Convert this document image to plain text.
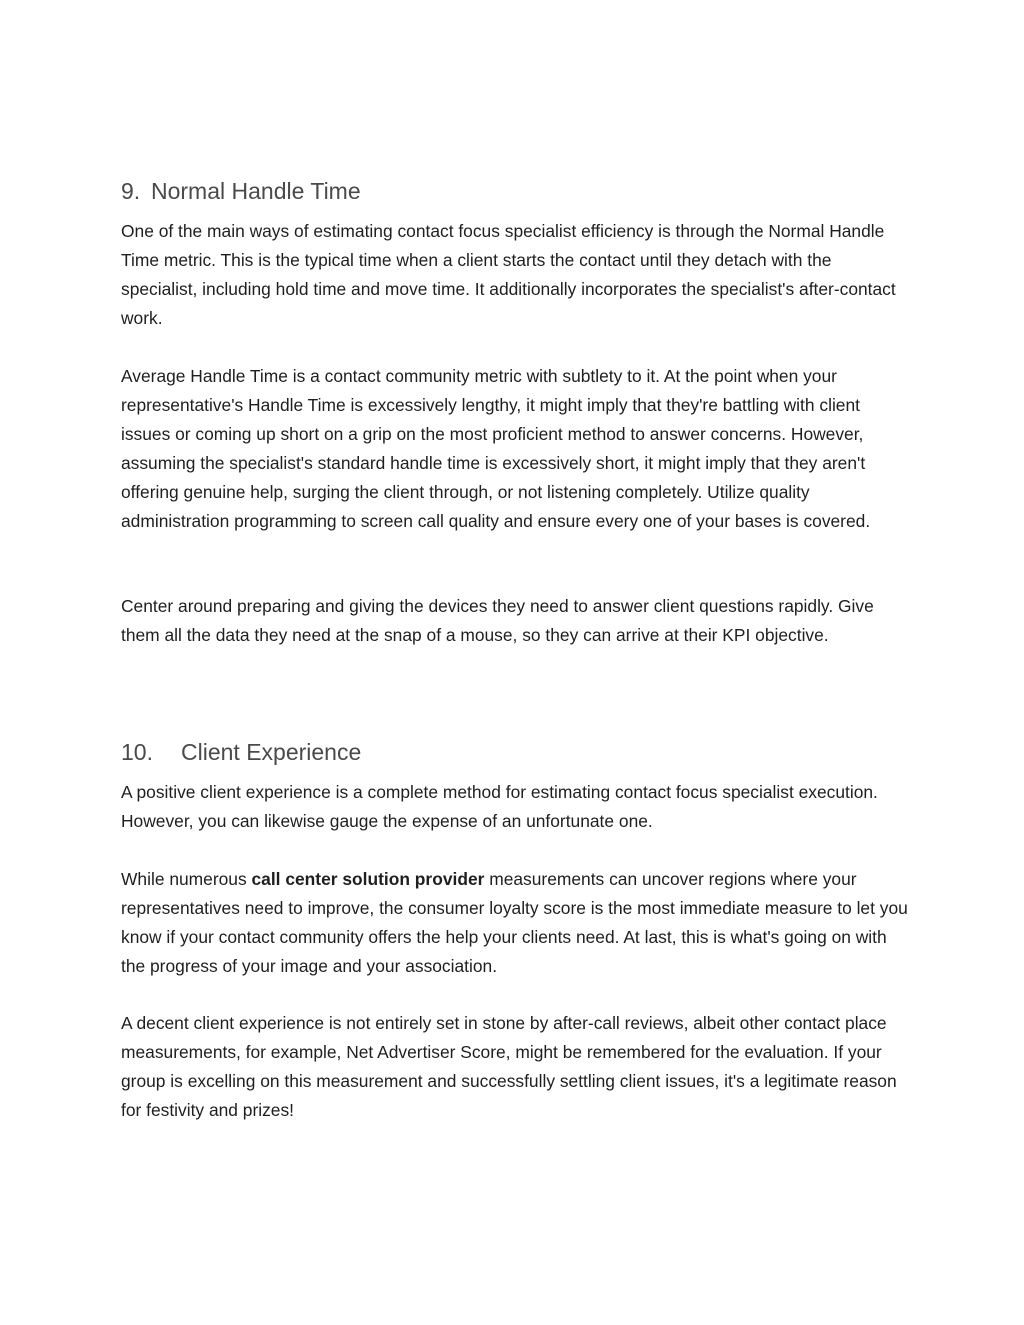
9. Normal Handle Time

One of the main ways of estimating contact focus specialist efficiency is through the Normal Handle Time metric. This is the typical time when a client starts the contact until they detach with the specialist, including hold time and move time. It additionally incorporates the specialist's after-contact work.

Average Handle Time is a contact community metric with subtlety to it. At the point when your representative's Handle Time is excessively lengthy, it might imply that they're battling with client issues or coming up short on a grip on the most proficient method to answer concerns. However, assuming the specialist's standard handle time is excessively short, it might imply that they aren't offering genuine help, surging the client through, or not listening completely. Utilize quality administration programming to screen call quality and ensure every one of your bases is covered.

Center around preparing and giving the devices they need to answer client questions rapidly. Give them all the data they need at the snap of a mouse, so they can arrive at their KPI objective.

10. Client Experience

A positive client experience is a complete method for estimating contact focus specialist execution. However, you can likewise gauge the expense of an unfortunate one.

While numerous call center solution provider measurements can uncover regions where your representatives need to improve, the consumer loyalty score is the most immediate measure to let you know if your contact community offers the help your clients need. At last, this is what's going on with the progress of your image and your association.

A decent client experience is not entirely set in stone by after-call reviews, albeit other contact place measurements, for example, Net Advertiser Score, might be remembered for the evaluation. If your group is excelling on this measurement and successfully settling client issues, it's a legitimate reason for festivity and prizes!
